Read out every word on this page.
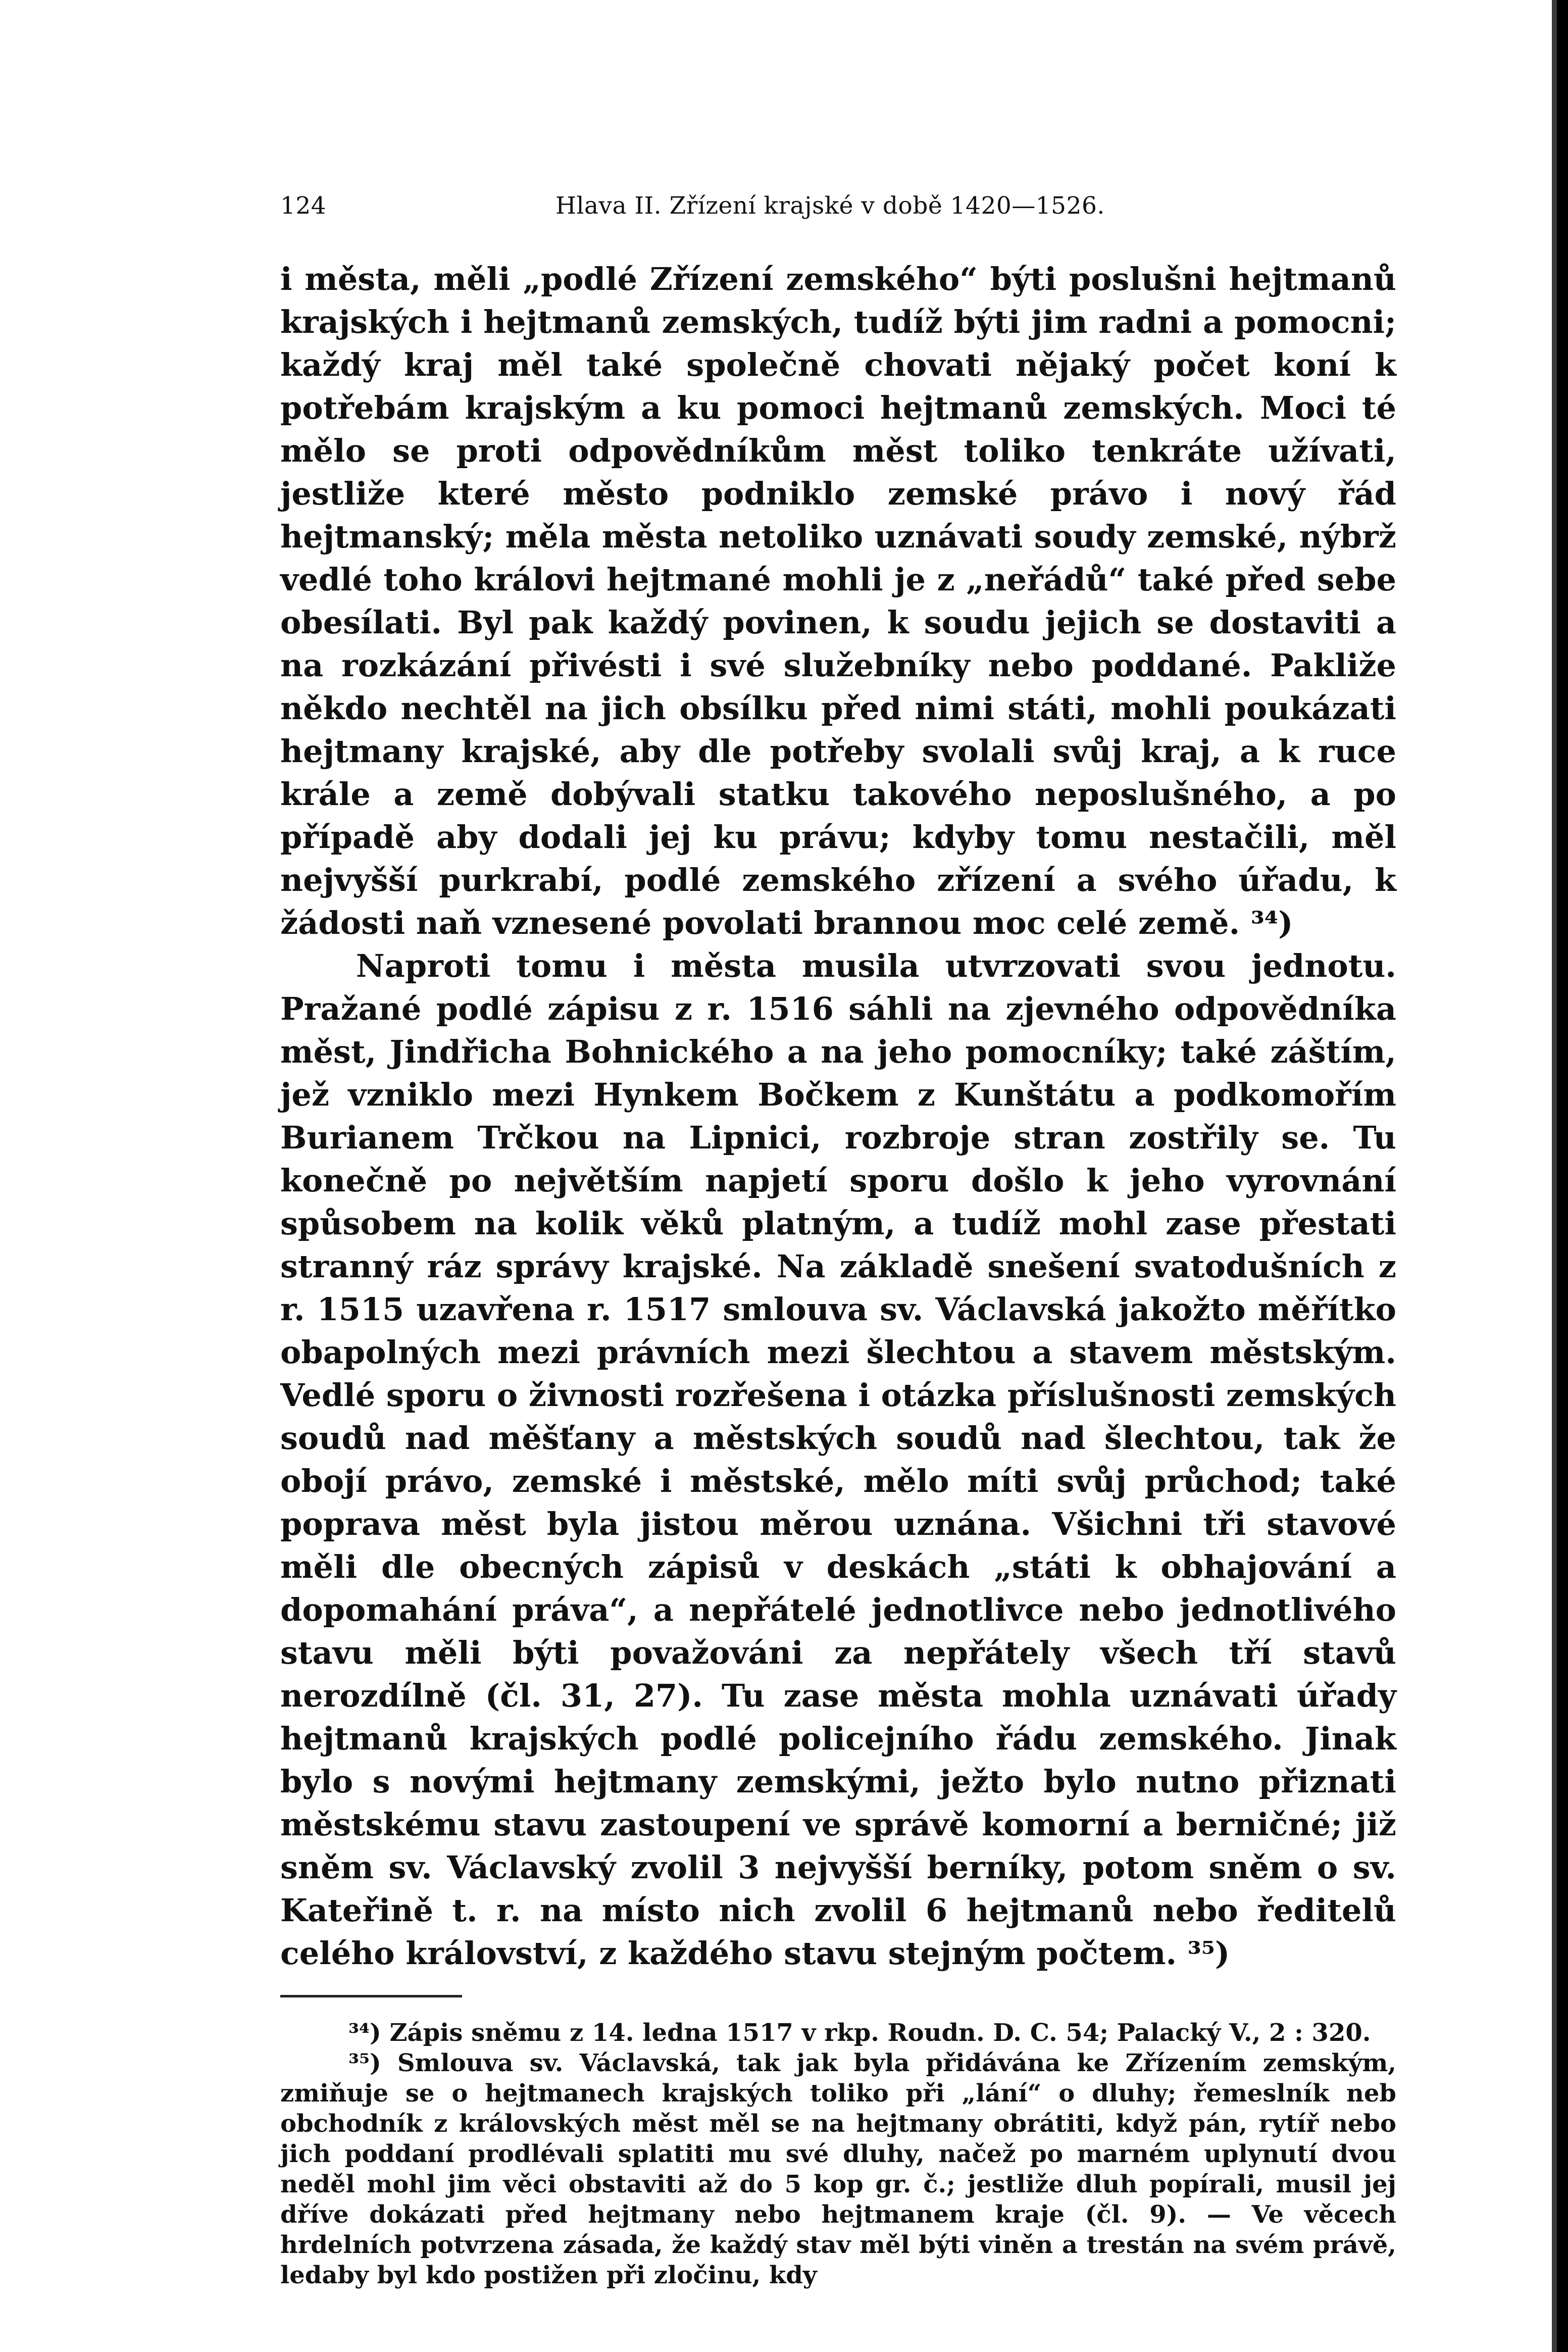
124	Hlava II. Zřízení krajské v době 1420—1526.

i města, měli „podlé Zřízení zemského“ býti poslušni hejtmanů krajských i hejtmanů zemských, tudíž býti jim radni a pomocni; každý kraj měl také společně chovati nějaký počet koní k potřebám krajským a ku pomoci hejtmanů zemských. Moci té mělo se proti odpovědníkům měst toliko tenkráte užívati, jestliže které město podniklo zemské právo i nový řád hejtmanský; měla města netoliko uznávati soudy zemské, nýbrž vedlé toho královi hejtmané mohli je z „neřádů“ také před sebe obesílati. Byl pak každý povinen, k soudu jejich se dostaviti a na rozkázání přivésti i své služebníky nebo poddané. Pakliže někdo nechtěl na jich obsílku před nimi státi, mohli poukázati hejtmany krajské, aby dle potřeby svolali svůj kraj, a k ruce krále a země dobývali statku takového neposlušného, a po případě aby dodali jej ku právu; kdyby tomu nestačili, měl nejvyšší purkrabí, podlé zemského zřízení a svého úřadu, k žádosti naň vznesené povolati brannou moc celé země. ³⁴)

Naproti tomu i města musila utvrzovati svou jednotu. Pražané podlé zápisu z r. 1516 sáhli na zjevného odpovědníka měst, Jindřicha Bohnického a na jeho pomocníky; také záštím, jež vzniklo mezi Hynkem Bočkem z Kunštátu a podkomořím Burianem Trčkou na Lipnici, rozbroje stran zostřily se. Tu konečně po největším napjetí sporu došlo k jeho vyrovnání spůsobem na kolik věků platným, a tudíž mohl zase přestati stranný ráz správy krajské. Na základě snešení svatodušních z r. 1515 uzavřena r. 1517 smlouva sv. Václavská jakožto měřítko obapolných mezi právních mezi šlechtou a stavem městským. Vedlé sporu o živnosti rozřešena i otázka příslušnosti zemských soudů nad měšťany a městských soudů nad šlechtou, tak že obojí právo, zemské i městské, mělo míti svůj průchod; také poprava měst byla jistou měrou uznána. Všichni tři stavové měli dle obecných zápisů v deskách „státi k obhajování a dopomahání práva“, a nepřátelé jednotlivce nebo jednotlivého stavu měli býti považováni za nepřátely všech tří stavů nerozdílně (čl. 31, 27). Tu zase města mohla uznávati úřady hejtmanů krajských podlé policejního řádu zemského. Jinak bylo s novými hejtmany zemskými, ježto bylo nutno přiznati městskému stavu zastoupení ve správě komorní a berničné; již sněm sv. Václavský zvolil 3 nejvyšší berníky, potom sněm o sv. Kateřině t. r. na místo nich zvolil 6 hejtmanů nebo ředitelů celého království, z každého stavu stejným počtem. ³⁵)

³⁴) Zápis sněmu z 14. ledna 1517 v rkp. Roudn. D. C. 54; Palacký V., 2 : 320.

³⁵) Smlouva sv. Václavská, tak jak byla přidávána ke Zřízením zemským, zmiňuje se o hejtmanech krajských toliko při „lání“ o dluhy; řemeslník neb obchodník z královských měst měl se na hejtmany obrátiti, když pán, rytíř nebo jich poddaní prodlévali splatiti mu své dluhy, načež po marném uplynutí dvou neděl mohl jim věci obstaviti až do 5 kop gr. č.; jestliže dluh popírali, musil jej dříve dokázati před hejtmany nebo hejtmanem kraje (čl. 9). — Ve věcech hrdelních potvrzena zásada, že každý stav měl býti viněn a trestán na svém právě, ledaby byl kdo postižen při zločinu, kdy
